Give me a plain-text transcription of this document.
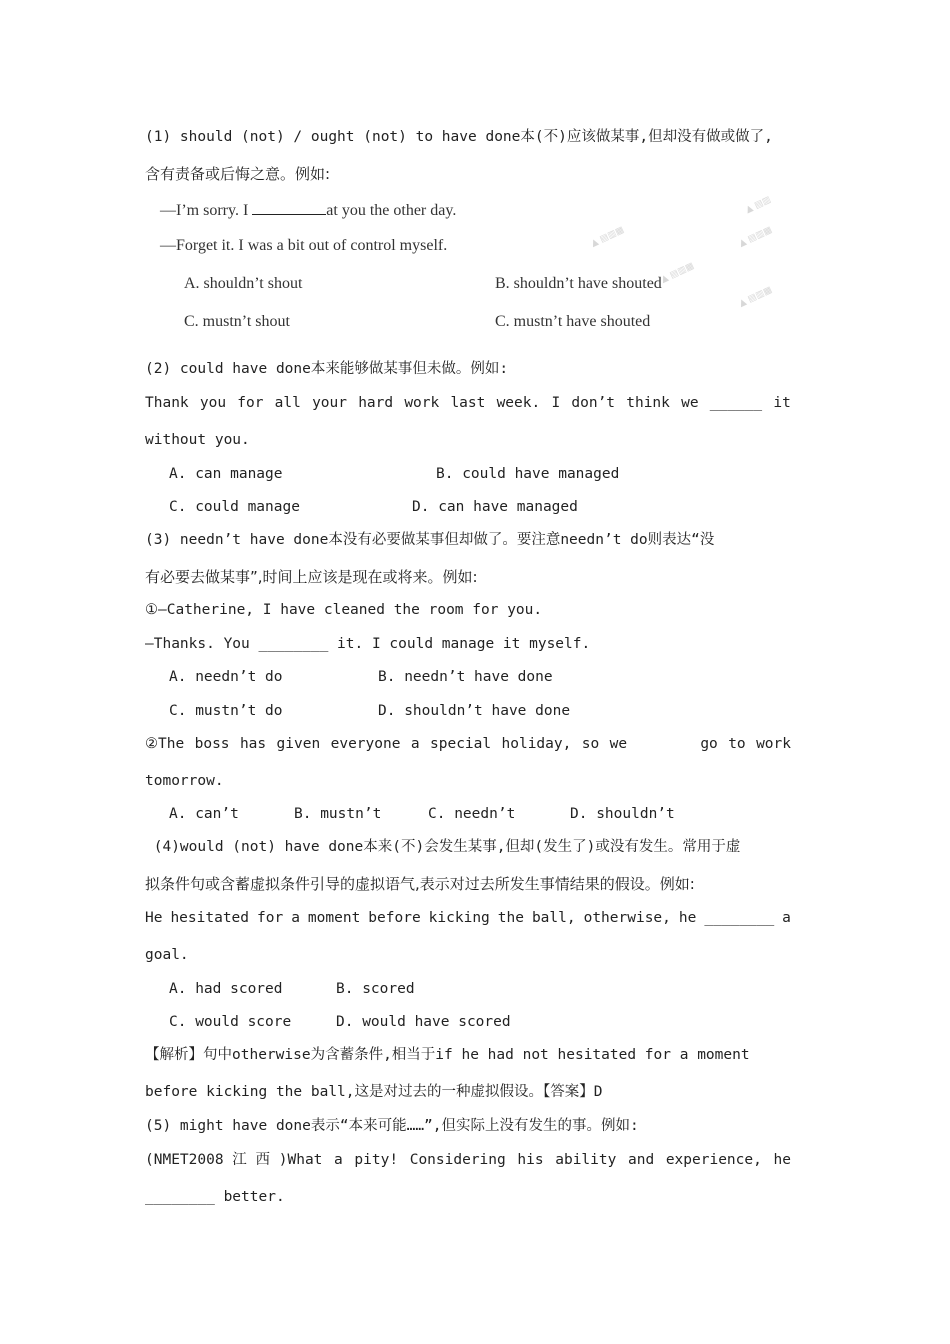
▲ ▤▥▦
▲ ▤▥▦
▲ ▤▥▦
▲ ▤▥▦
▲ ▤▥
(1) should (not) / ought (not) to have done本(不)应该做某事,但却没有做或做了,
含有责备或后悔之意。例如:
—I’m sorry. I	at you the other day.
—Forget it. I was a bit out of control myself.
A. shouldn’t shout	B. shouldn’t have shouted
C. mustn’t shout	C. mustn’t have shouted
(2) could have done本来能够做某事但未做。例如:
Thank you for all your hard work last week. I don’t think we ______ it
without you.
A. can manage	B. could have managed
C. could manage	D. can have managed
(3) needn’t have done本没有必要做某事但却做了。要注意needn’t do则表达“没
有必要去做某事”,时间上应该是现在或将来。例如:
①—Catherine, I have cleaned the room for you.
—Thanks. You ________ it. I could manage it myself.
A. needn’t do	B. needn’t have done
C. mustn’t do	D. shouldn’t have done
②The boss has given everyone a special holiday, so we
	go to work
tomorrow.
A. can’t	B. mustn’t	C. needn’t	D. shouldn’t
(4)would (not) have done本来(不)会发生某事,但却(发生了)或没有发生。常用于虚
拟条件句或含蓄虚拟条件引导的虚拟语气,表示对过去所发生事情结果的假设。例如:
He hesitated for a moment before kicking the ball, otherwise, he ________ a
goal.
A. had scored	B. scored
C. would score	D. would have scored
【解析】句中otherwise为含蓄条件,相当于if he had not hesitated for a moment
before kicking the ball,这是对过去的一种虚拟假设。【答案】D
(5) might have done表示“本来可能……”,但实际上没有发生的事。例如:
(NMET2008 江 西 )What a pity! Considering his ability and experience, he
________ better.
